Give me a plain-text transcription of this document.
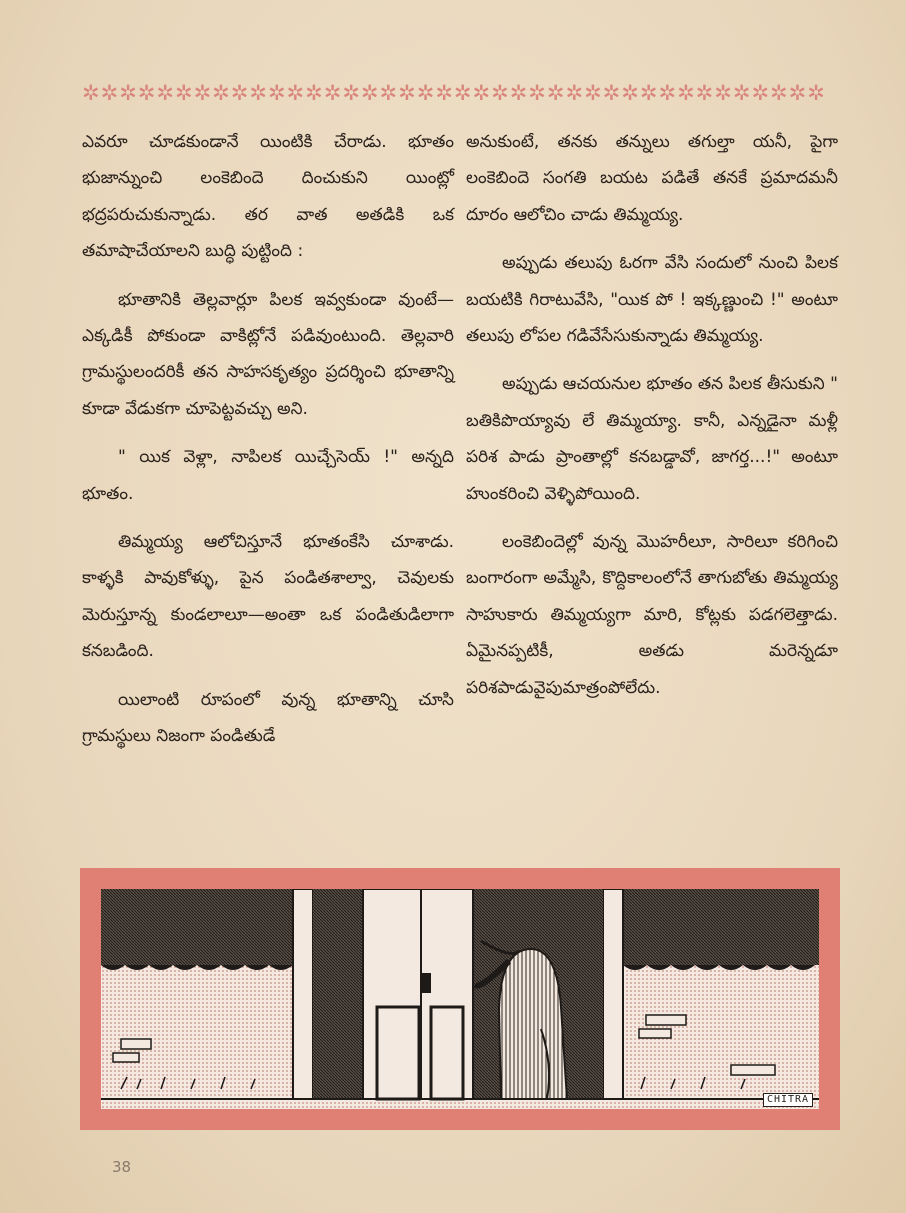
✲✲✲✲✲✲✲✲✲✲✲✲✲✲✲✲✲✲✲✲✲✲✲✲✲✲✲✲✲✲✲✲✲✲✲✲✲✲✲✲

ఎవరూ చూడకుండానే యింటికి చేరాడు. భూతం భుజాన్నుంచి లంకెబిందె దించుకుని యింట్లో భద్రపరుచుకున్నాడు. తర వాత అతడికి ఒక తమాషాచేయాలని బుద్ధి పుట్టింది :

భూతానికి తెల్లవార్లూ పిలక ఇవ్వకుండా వుంటే— ఎక్కడికీ పోకుండా వాకిట్లోనే పడివుంటుంది. తెల్లవారి గ్రామస్థులందరికీ తన సాహసకృత్యం ప్రదర్శించి భూతాన్ని కూడా వేడుకగా చూపెట్టవచ్చు అని.

" యిక వెళ్లా, నాపిలక యిచ్చేసెయ్ !" అన్నది భూతం.

తిమ్మయ్య ఆలోచిస్తూనే భూతంకేసి చూశాడు. కాళ్ళకి పావుకోళ్ళు, పైన పండితశాల్వా, చెవులకు మెరుస్తూన్న కుండలాలూ—అంతా ఒక పండితుడిలాగా కనబడింది.

యిలాంటి రూపంలో వున్న భూతాన్ని చూసి గ్రామస్థులు నిజంగా పండితుడే

అనుకుంటే, తనకు తన్నులు తగుల్తా యనీ, పైగా లంకెబిందె సంగతి బయట పడితే తనకే ప్రమాదమనీ దూరం ఆలోచిం చాడు తిమ్మయ్య.

అప్పుడు తలుపు ఓరగా వేసి సందులో నుంచి పిలక బయటికి గిరాటువేసి, "యిక పో ! ఇక్కణ్ణుంచి !" అంటూ తలుపు లోపల గడివేసేసుకున్నాడు తిమ్మయ్య.

అప్పుడు ఆచయనుల భూతం తన పిలక తీసుకుని " బతికిపొయ్యావు లే తిమ్మయ్యా. కానీ, ఎన్నడైనా మళ్లీ పరిశ పాడు ప్రాంతాల్లో కనబడ్డావో, జాగర్త...!" అంటూ హుంకరించి వెళ్ళిపోయింది.

లంకెబిందెల్లో వున్న మొహరీలూ, సారిలూ కరిగించి బంగారంగా అమ్మేసి, కొద్దికాలంలోనే తాగుబోతు తిమ్మయ్య సాహుకారు తిమ్మయ్యగా మారి, కోట్లకు పడగలెత్తాడు. ఏమైనప్పటికీ, అతడు మరెన్నడూ పరిశపాడువైపుమాత్రంపోలేదు.

CHITRA
38
